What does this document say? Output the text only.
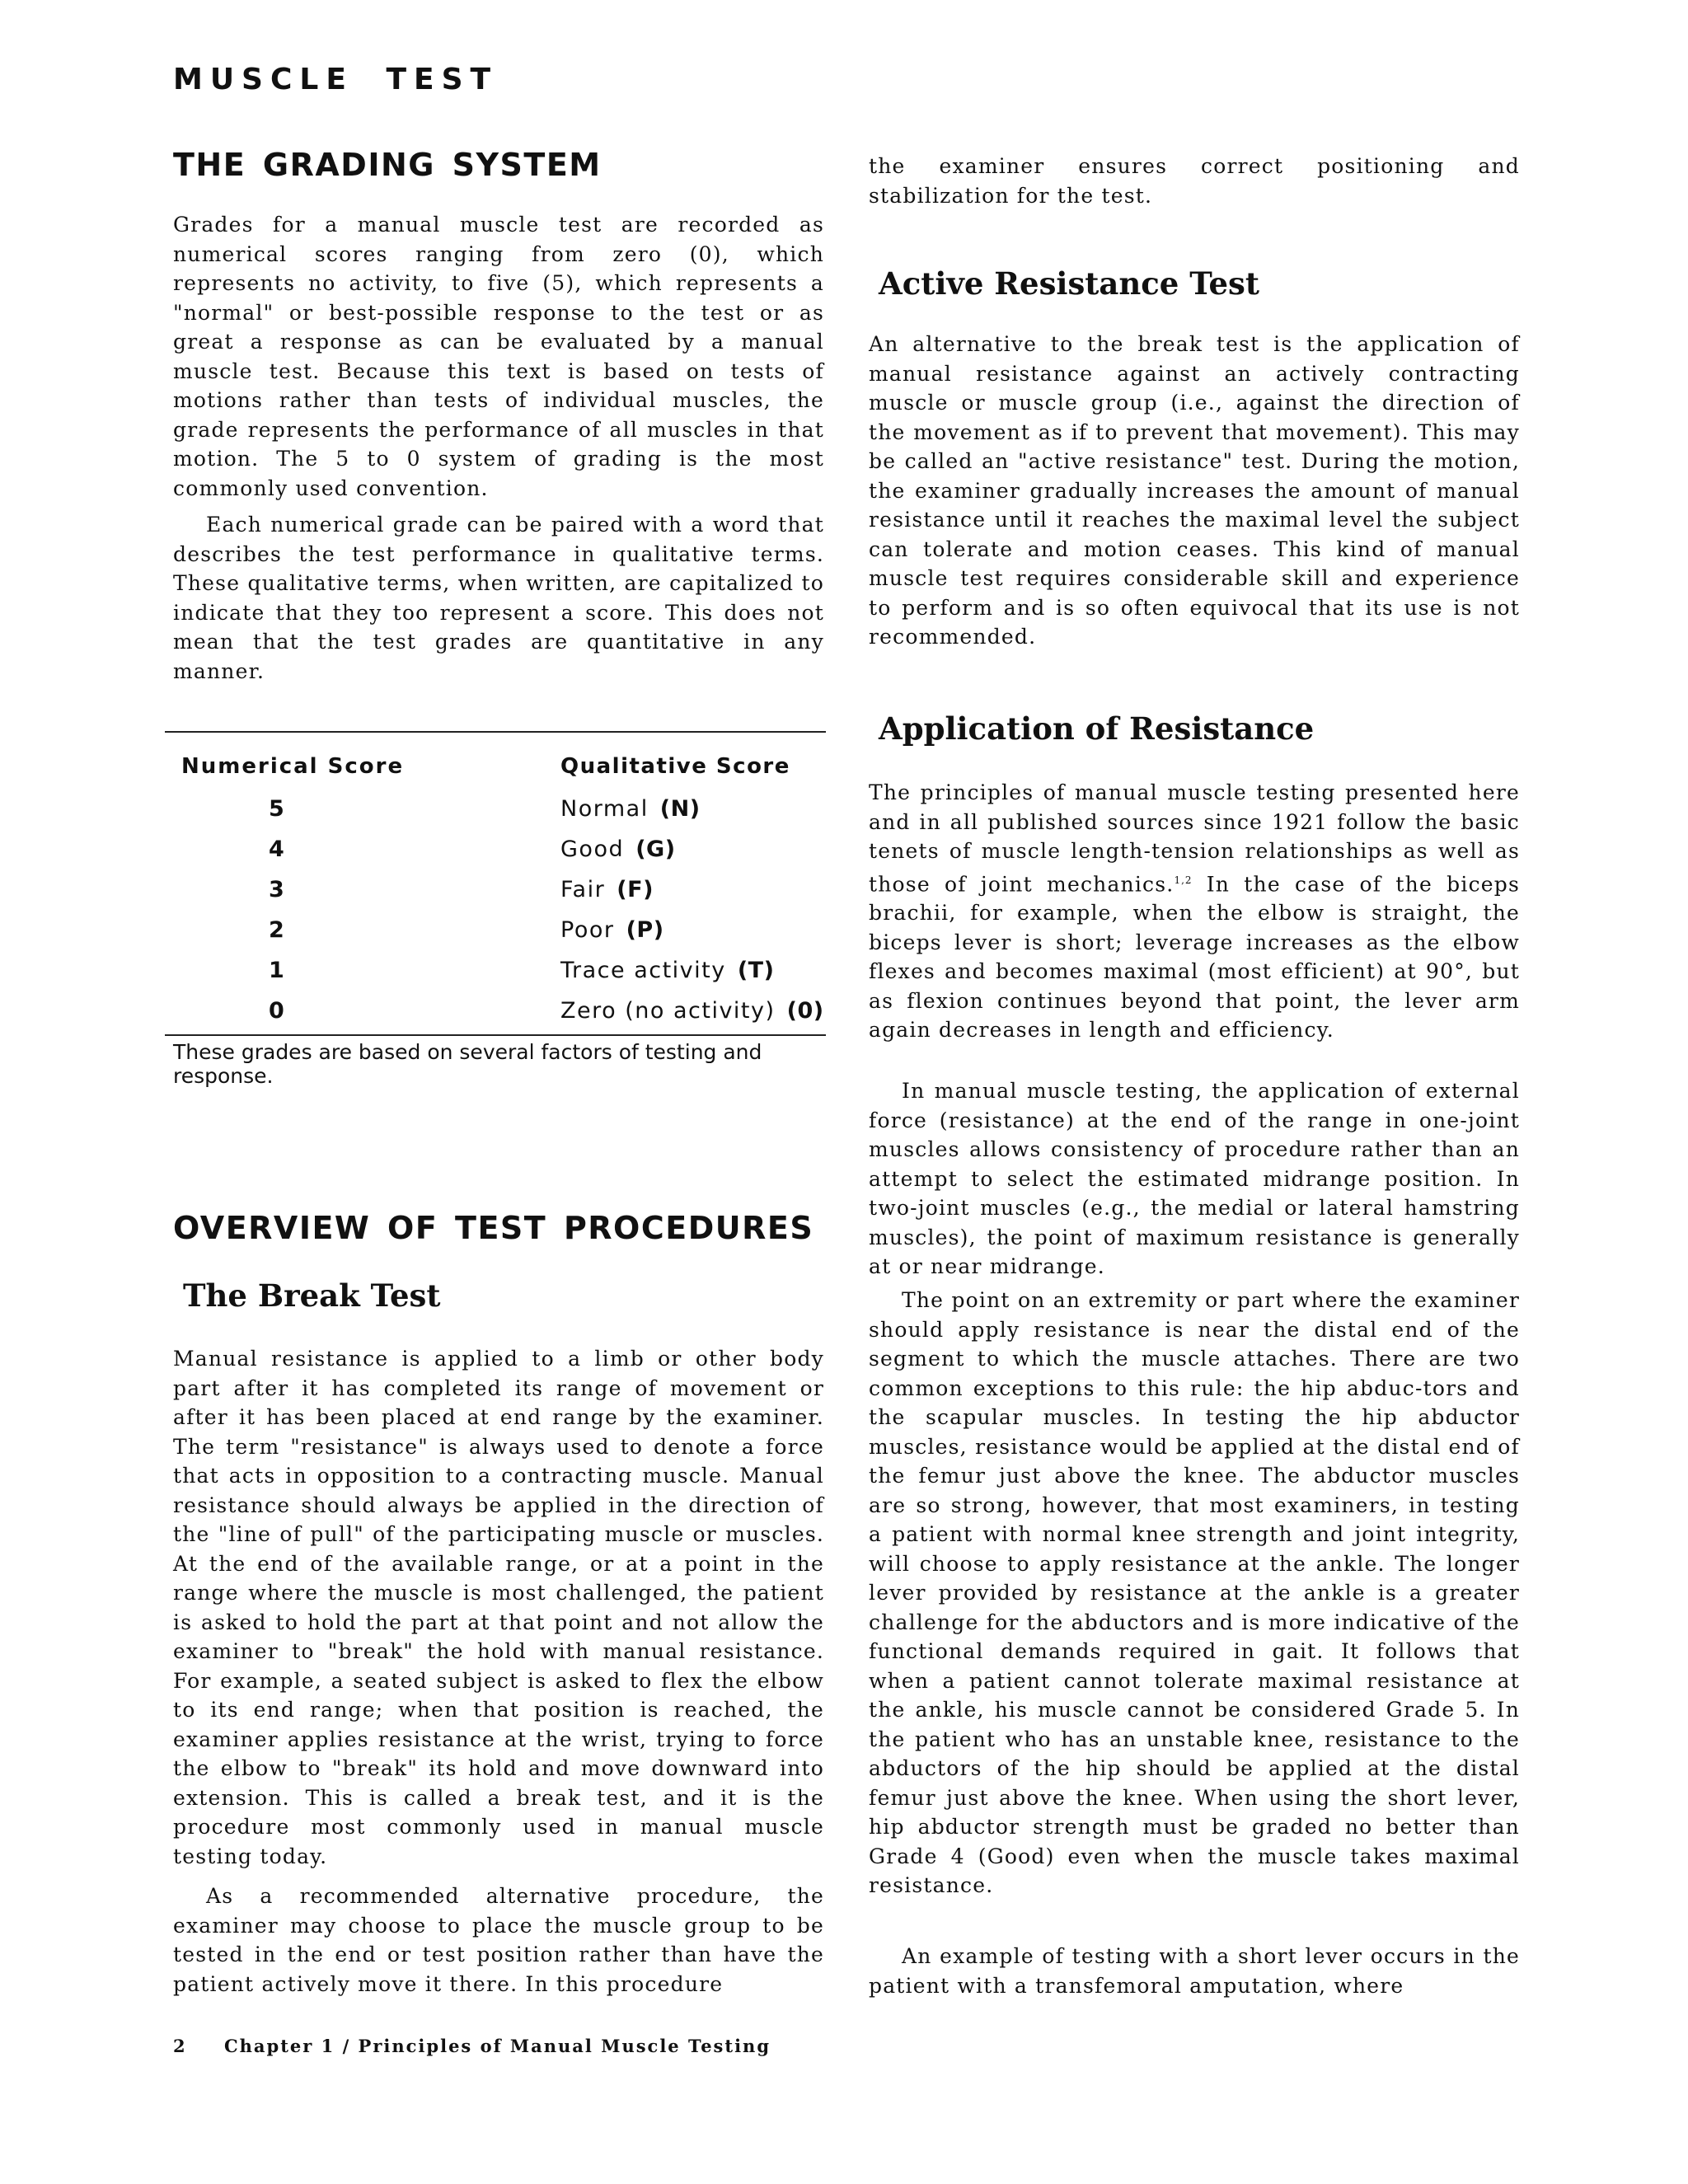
MUSCLE TEST
THE GRADING SYSTEM

Grades for a manual muscle test are recorded as numerical scores ranging from zero (0), which represents no activity, to five (5), which represents a "normal" or best-possible response to the test or as great a response as can be evaluated by a manual muscle test. Because this text is based on tests of motions rather than tests of individual muscles, the grade represents the performance of all muscles in that motion. The 5 to 0 system of grading is the most commonly used convention.

Each numerical grade can be paired with a word that describes the test performance in qualitative terms. These qualitative terms, when written, are capitalized to indicate that they too represent a score. This does not mean that the test grades are quantitative in any manner.

Numerical Score	Qualitative Score
5	Normal (N)
4	Good (G)
3	Fair (F)
2	Poor (P)
1	Trace activity (T)
0	Zero (no activity) (0)
These grades are based on several factors of testing and response.
OVERVIEW OF TEST PROCEDURES
The Break Test

Manual resistance is applied to a limb or other body part after it has completed its range of movement or after it has been placed at end range by the examiner. The term "resistance" is always used to denote a force that acts in opposition to a contracting muscle. Manual resistance should always be applied in the direction of the "line of pull" of the participating muscle or muscles. At the end of the available range, or at a point in the range where the muscle is most challenged, the patient is asked to hold the part at that point and not allow the examiner to "break" the hold with manual resistance. For example, a seated subject is asked to flex the elbow to its end range; when that position is reached, the examiner applies resistance at the wrist, trying to force the elbow to "break" its hold and move downward into extension. This is called a break test, and it is the procedure most commonly used in manual muscle testing today.

As a recommended alternative procedure, the examiner may choose to place the muscle group to be tested in the end or test position rather than have the patient actively move it there. In this procedure

the examiner ensures correct positioning and stabilization for the test.

Active Resistance Test

An alternative to the break test is the application of manual resistance against an actively contracting muscle or muscle group (i.e., against the direction of the movement as if to prevent that movement). This may be called an "active resistance" test. During the motion, the examiner gradually increases the amount of manual resistance until it reaches the maximal level the subject can tolerate and motion ceases. This kind of manual muscle test requires considerable skill and experience to perform and is so often equivocal that its use is not recommended.

Application of Resistance

The principles of manual muscle testing presented here and in all published sources since 1921 follow the basic tenets of muscle length-tension relationships as well as those of joint mechanics.$^{1,2}$ In the case of the biceps brachii, for example, when the elbow is straight, the biceps lever is short; leverage increases as the elbow flexes and becomes maximal (most efficient) at 90°, but as flexion continues beyond that point, the lever arm again decreases in length and efficiency.

In manual muscle testing, the application of external force (resistance) at the end of the range in one-joint muscles allows consistency of procedure rather than an attempt to select the estimated midrange position. In two-joint muscles (e.g., the medial or lateral hamstring muscles), the point of maximum resistance is generally at or near midrange.

The point on an extremity or part where the examiner should apply resistance is near the distal end of the segment to which the muscle attaches. There are two common exceptions to this rule: the hip abduc-tors and the scapular muscles. In testing the hip abductor muscles, resistance would be applied at the distal end of the femur just above the knee. The abductor muscles are so strong, however, that most examiners, in testing a patient with normal knee strength and joint integrity, will choose to apply resistance at the ankle. The longer lever provided by resistance at the ankle is a greater challenge for the abductors and is more indicative of the functional demands required in gait. It follows that when a patient cannot tolerate maximal resistance at the ankle, his muscle cannot be considered Grade 5. In the patient who has an unstable knee, resistance to the abductors of the hip should be applied at the distal femur just above the knee. When using the short lever, hip abductor strength must be graded no better than Grade 4 (Good) even when the muscle takes maximal resistance.

An example of testing with a short lever occurs in the patient with a transfemoral amputation, where

2 Chapter 1 / Principles of Manual Muscle Testing
